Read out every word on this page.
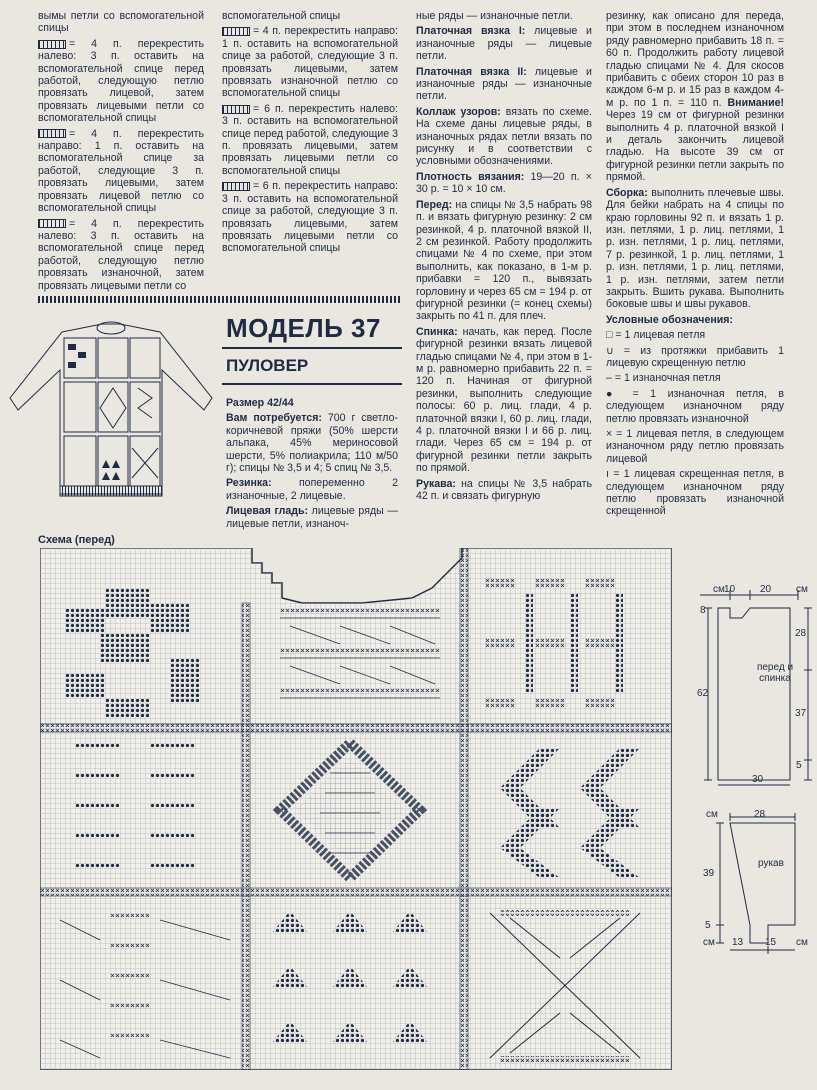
вымы петли со вспомогательной спицы

= 4 п. перекрестить налево: 3 п. оставить на вспомогательной спице перед работой, следующую петлю провязать лицевой, затем провязать лицевыми петли со вспомогательной спицы

= 4 п. перекрестить направо: 1 п. оставить на вспомогательной спице за работой, следующие 3 п. провязать лицевыми, затем провязать лицевой петлю со вспомогательной спицы

= 4 п. перекрестить налево: 3 п. оставить на вспомогательной спице перед работой, следующую петлю провязать изнаночной, затем провязать лицевыми петли со

вспомогательной спицы

= 4 п. перекрестить направо: 1 п. оставить на вспомогательной спице за работой, следующие 3 п. провязать лицевыми, затем провязать изнаночной петлю со вспомогательной спицы

= 6 п. перекрестить налево: 3 п. оставить на вспомогательной спице перед работой, следующие 3 п. провязать лицевыми, затем провязать лицевыми петли со вспомогательной спицы

= 6 п. перекрестить направо: 3 п. оставить на вспомогательной спице за работой, следующие 3 п. провязать лицевыми, затем провязать лицевыми петли со вспомогательной спицы

ные ряды — изнаночные петли.

Платочная вязка I: лицевые и изнаночные ряды — лицевые петли.

Платочная вязка II: лицевые и изнаночные ряды — изнаночные петли.

Коллаж узоров: вязать по схеме. На схеме даны лицевые ряды, в изнаночных рядах петли вязать по рисунку и в соответствии с условными обозначениями.

Плотность вязания: 19—20 п. × 30 р. = 10 × 10 см.

Перед: на спицы № 3,5 набрать 98 п. и вязать фигурную резинку: 2 см резинкой, 4 р. платочной вязкой II, 2 см резинкой. Работу продолжить спицами № 4 по схеме, при этом выполнить, как показано, в 1-м р. прибавки = 120 п., вывязать горловину и через 65 см = 194 р. от фигурной резинки (= конец схемы) закрыть по 41 п. для плеч.

Спинка: начать, как перед. После фигурной резинки вязать лицевой гладью спицами № 4, при этом в 1-м р. равномерно прибавить 22 п. = 120 п. Начиная от фигурной резинки, выполнить следующие полосы: 60 р. лиц. глади, 4 р. платочной вязки I, 60 р. лиц. глади, 4 р. платочной вязки I и 66 р. лиц. глади. Через 65 см = 194 р. от фигурной резинки петли закрыть по прямой.

Рукава: на спицы № 3,5 набрать 42 п. и связать фигурную

резинку, как описано для переда, при этом в последнем изнаночном ряду равномерно прибавить 18 п. = 60 п. Продолжить работу лицевой гладью спицами № 4. Для скосов прибавить с обеих сторон 10 раз в каждом 6-м р. и 15 раз в каждом 4-м р. по 1 п. = 110 п. Внимание! Через 19 см от фигурной резинки выполнить 4 р. платочной вязкой I и деталь закончить лицевой гладью. На высоте 39 см от фигурной резинки петли закрыть по прямой.

Сборка: выполнить плечевые швы. Для бейки набрать на 4 спицы по краю горловины 92 п. и вязать 1 р. изн. петлями, 1 р. лиц. петлями, 1 р. изн. петлями, 1 р. лиц. петлями, 7 р. резинкой, 1 р. лиц. петлями, 1 р. изн. петлями, 1 р. лиц. петлями, 1 р. изн. петлями, затем петли закрыть. Вшить рукава. Выполнить боковые швы и швы рукавов.

Условные обозначения:

□ = 1 лицевая петля

∪ = из протяжки прибавить 1 лицевую скрещенную петлю

– = 1 изнаночная петля

● = 1 изнаночная петля, в следующем изнаночном ряду петлю провязать изнаночной

× = 1 лицевая петля, в следующем изнаночном ряду петлю провязать лицевой

ı = 1 лицевая скрещенная петля, в следующем изнаночном ряду петлю провязать изнаночной скрещенной

МОДЕЛЬ 37
ПУЛОВЕР

Размер 42/44

Вам потребуется: 700 г светло-коричневой пряжи (50% шерсти альпака, 45% мериносовой шерсти, 5% полиакрила; 110 м/50 г); спицы № 3,5 и 4; 5 спиц № 3,5.

Резинка: попеременно 2 изнаночные, 2 лицевые.

Лицевая гладь: лицевые ряды — лицевые петли, изнаноч-

Схема (перед)
см	см
10 20
8
28
62
37
5
30
перед и спинка
см	28
39
5
см 13 15 см
рукав
